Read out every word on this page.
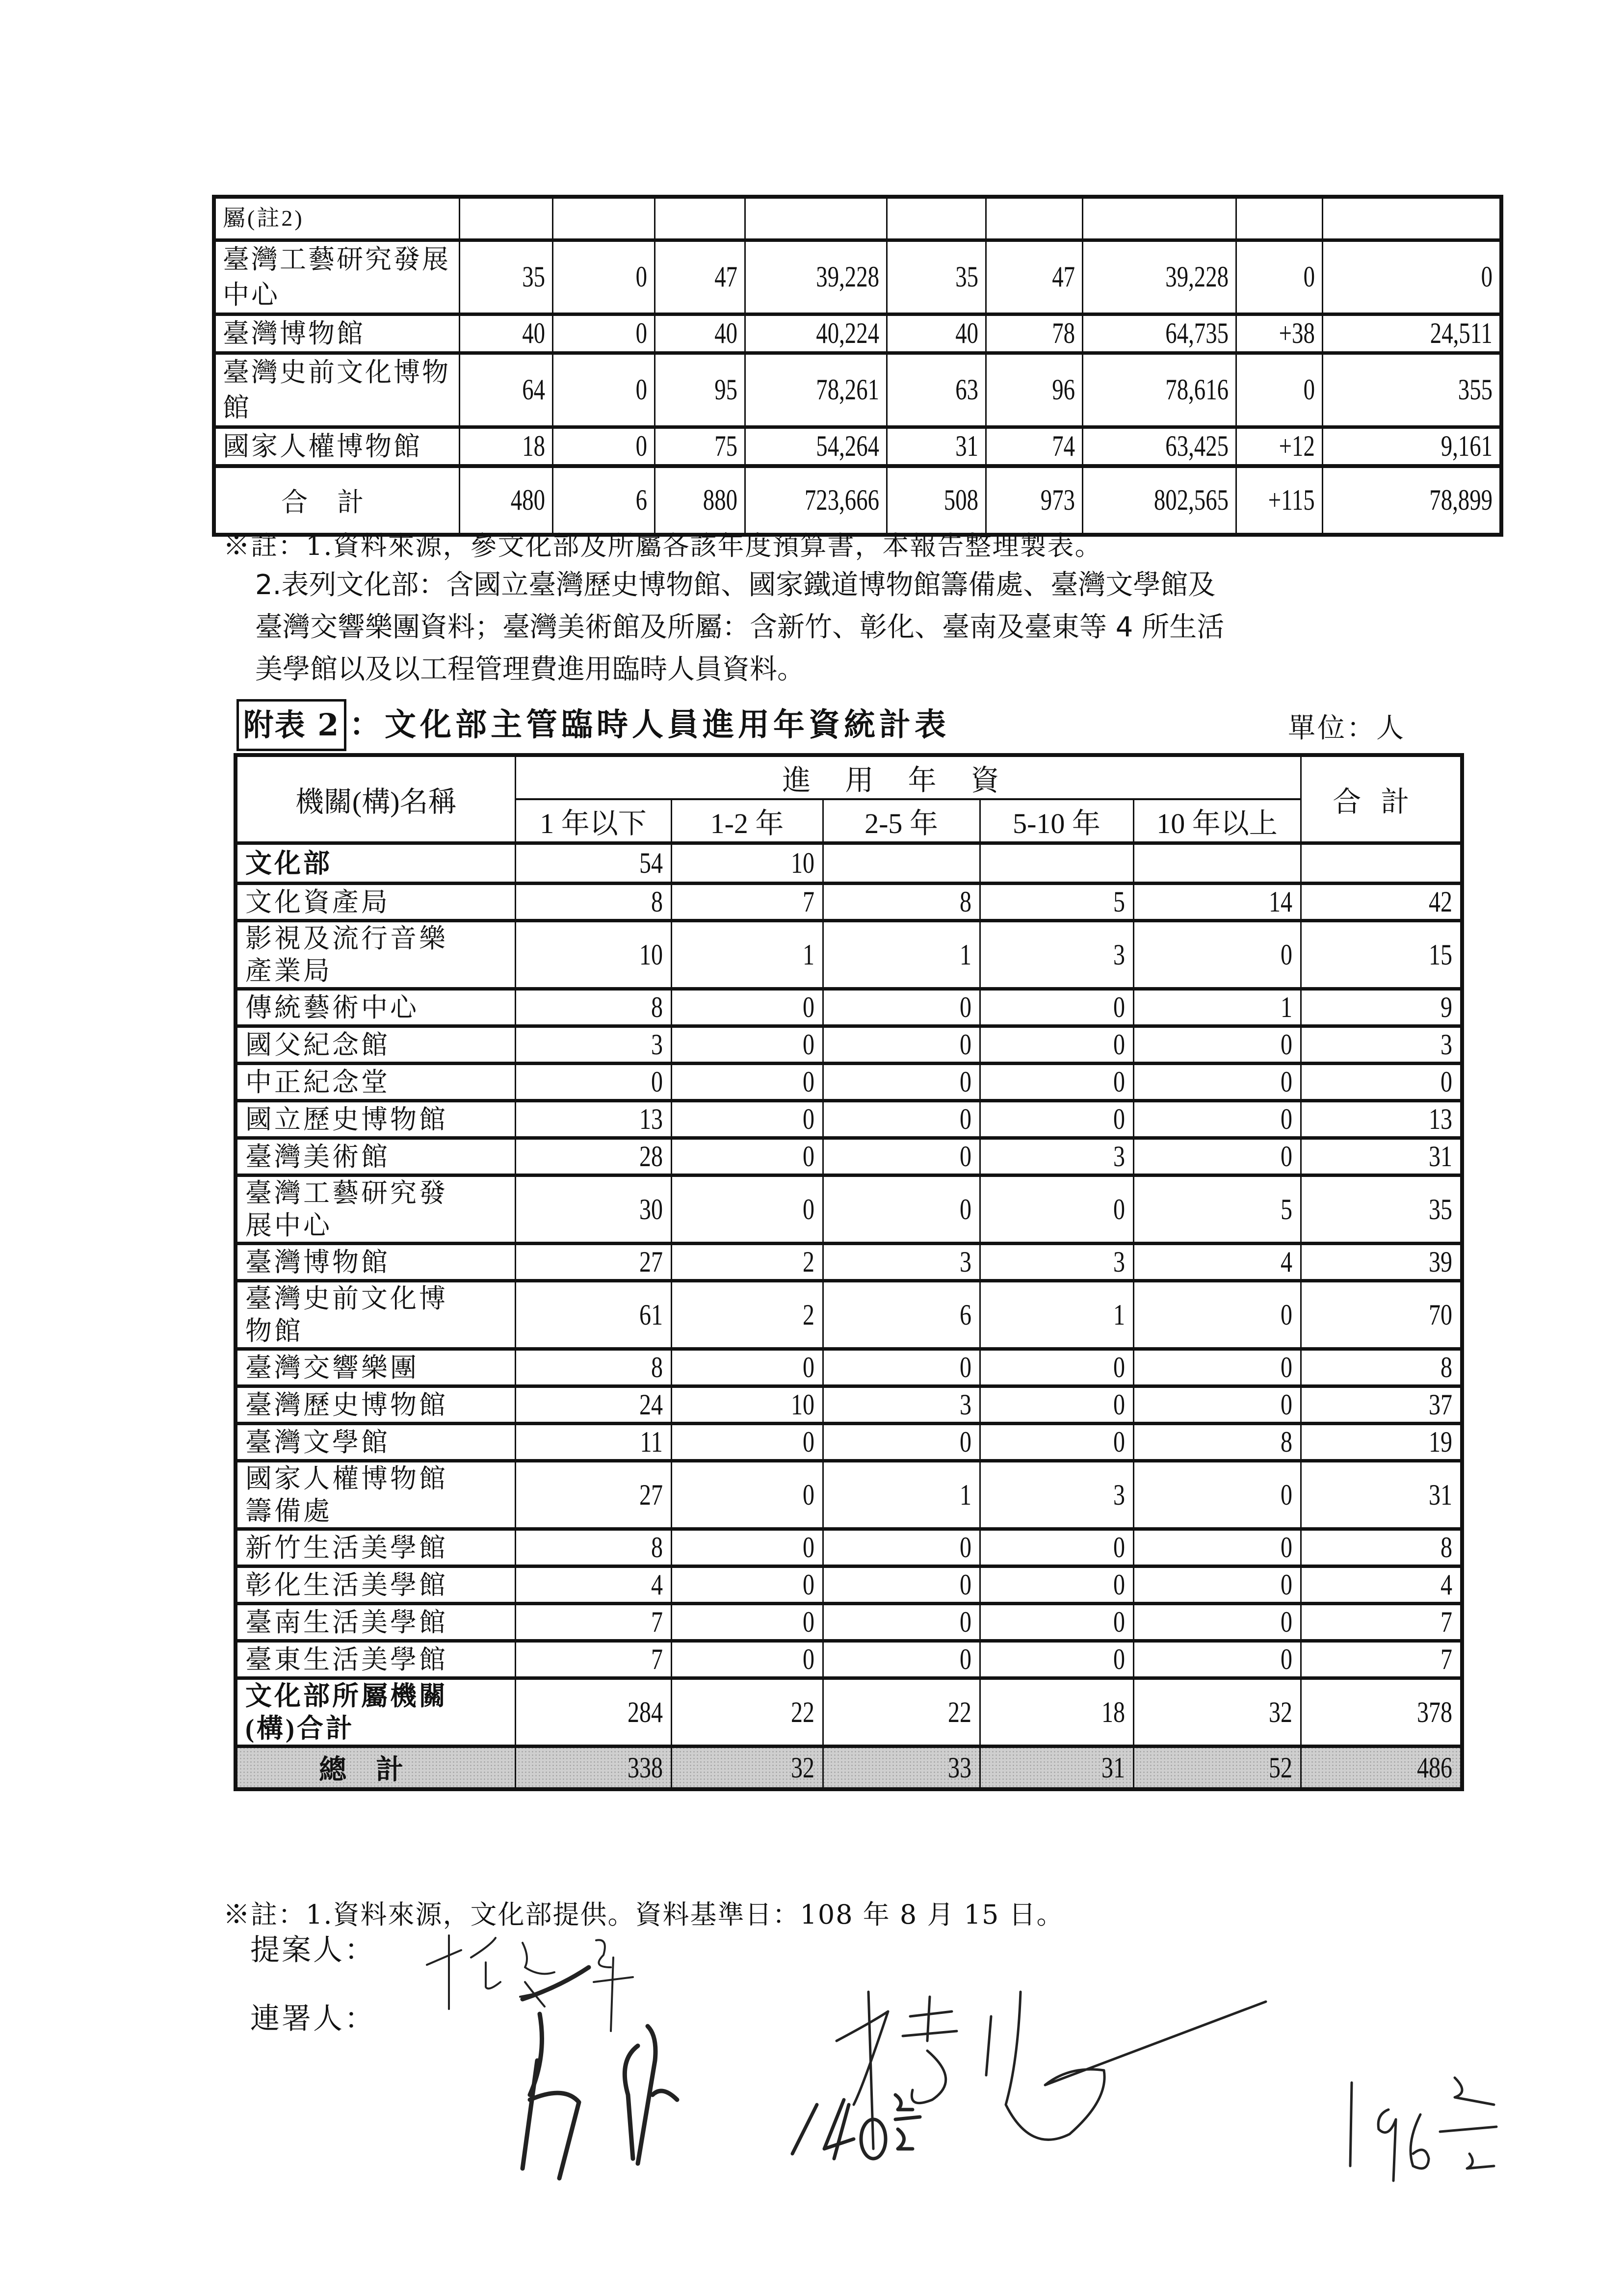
屬(註2)									
臺灣工藝研究發展中心	35	0	47	39,228	35	47	39,228	0	0
臺灣博物館	40	0	40	40,224	40	78	64,735	+38	24,511
臺灣史前文化博物館	64	0	95	78,261	63	96	78,616	0	355
國家人權博物館	18	0	75	54,264	31	74	63,425	+12	9,161
合計	480	6	880	723,666	508	973	802,565	+115	78,899
※註：1.資料來源，參文化部及所屬各該年度預算書，本報告整理製表。
2.表列文化部：含國立臺灣歷史博物館、國家鐵道博物館籌備處、臺灣文學館及
臺灣交響樂團資料；臺灣美術館及所屬：含新竹、彰化、臺南及臺東等 4 所生活
美學館以及以工程管理費進用臨時人員資料。
附表 2 ：文化部主管臨時人員進用年資統計表	單位：人
機關(構)名稱	進用年資					合計
	1 年以下	1-2 年	2-5 年	5-10 年	10 年以上	
文化部	54	10				
文化資產局	8	7	8	5	14	42
影視及流行音樂產業局	10	1	1	3	0	15
傳統藝術中心	8	0	0	0	1	9
國父紀念館	3	0	0	0	0	3
中正紀念堂	0	0	0	0	0	0
國立歷史博物館	13	0	0	0	0	13
臺灣美術館	28	0	0	3	0	31
臺灣工藝研究發展中心	30	0	0	0	5	35
臺灣博物館	27	2	3	3	4	39
臺灣史前文化博物館	61	2	6	1	0	70
臺灣交響樂團	8	0	0	0	0	8
臺灣歷史博物館	24	10	3	0	0	37
臺灣文學館	11	0	0	0	8	19
國家人權博物館籌備處	27	0	1	3	0	31
新竹生活美學館	8	0	0	0	0	8
彰化生活美學館	4	0	0	0	0	4
臺南生活美學館	7	0	0	0	0	7
臺東生活美學館	7	0	0	0	0	7
文化部所屬機關(構)合計	284	22	22	18	32	378
總計	338	32	33	31	52	486
※註：1.資料來源，文化部提供。資料基準日：108 年 8 月 15 日。
提案人：
連署人：
